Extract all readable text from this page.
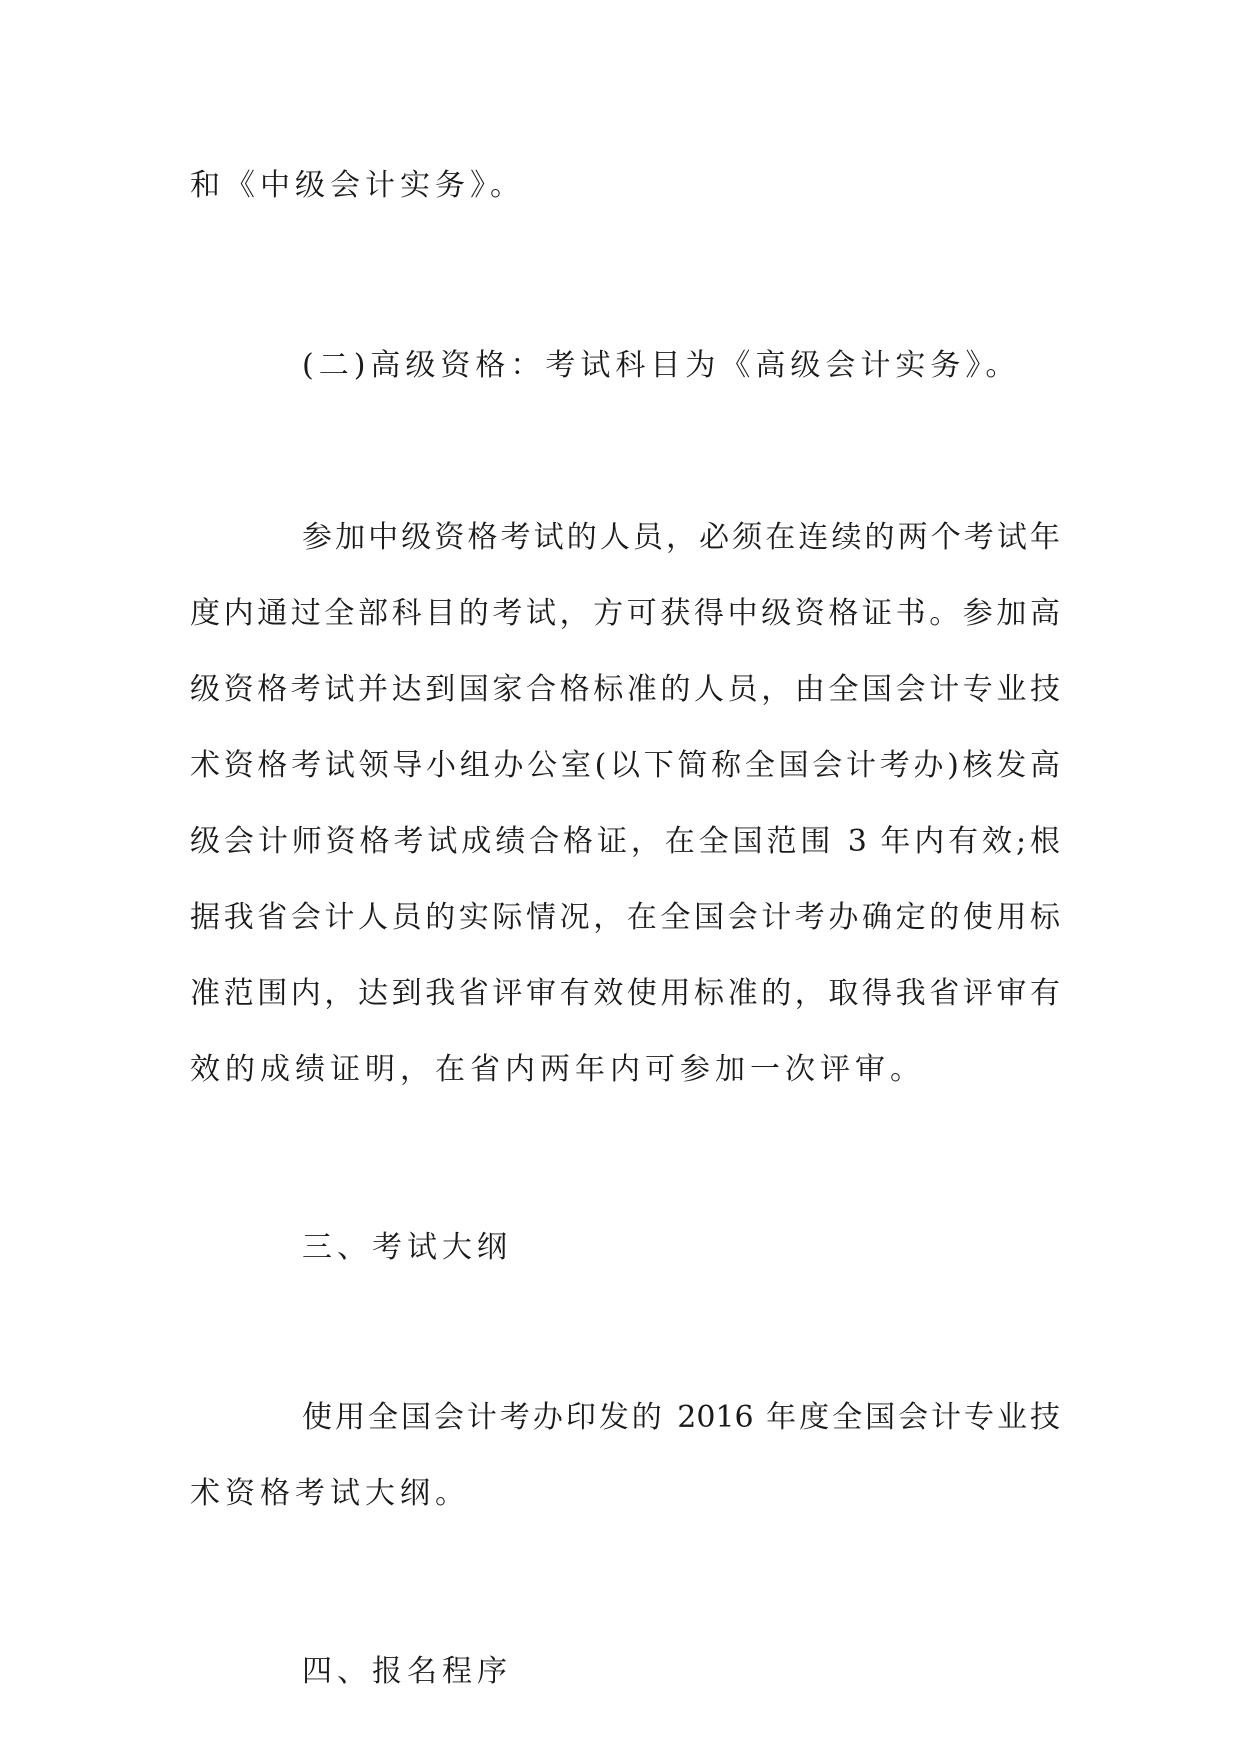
和《中级会计实务》。
(二)高级资格：考试科目为《高级会计实务》。
参加中级资格考试的人员，必须在连续的两个考试年
度内通过全部科目的考试，方可获得中级资格证书。参加高
级资格考试并达到国家合格标准的人员，由全国会计专业技
术资格考试领导小组办公室(以下简称全国会计考办)核发高
级会计师资格考试成绩合格证，在全国范围 3 年内有效;根
据我省会计人员的实际情况，在全国会计考办确定的使用标
准范围内，达到我省评审有效使用标准的，取得我省评审有
效的成绩证明，在省内两年内可参加一次评审。
三、考试大纲
使用全国会计考办印发的 2016 年度全国会计专业技
术资格考试大纲。
四、报名程序
